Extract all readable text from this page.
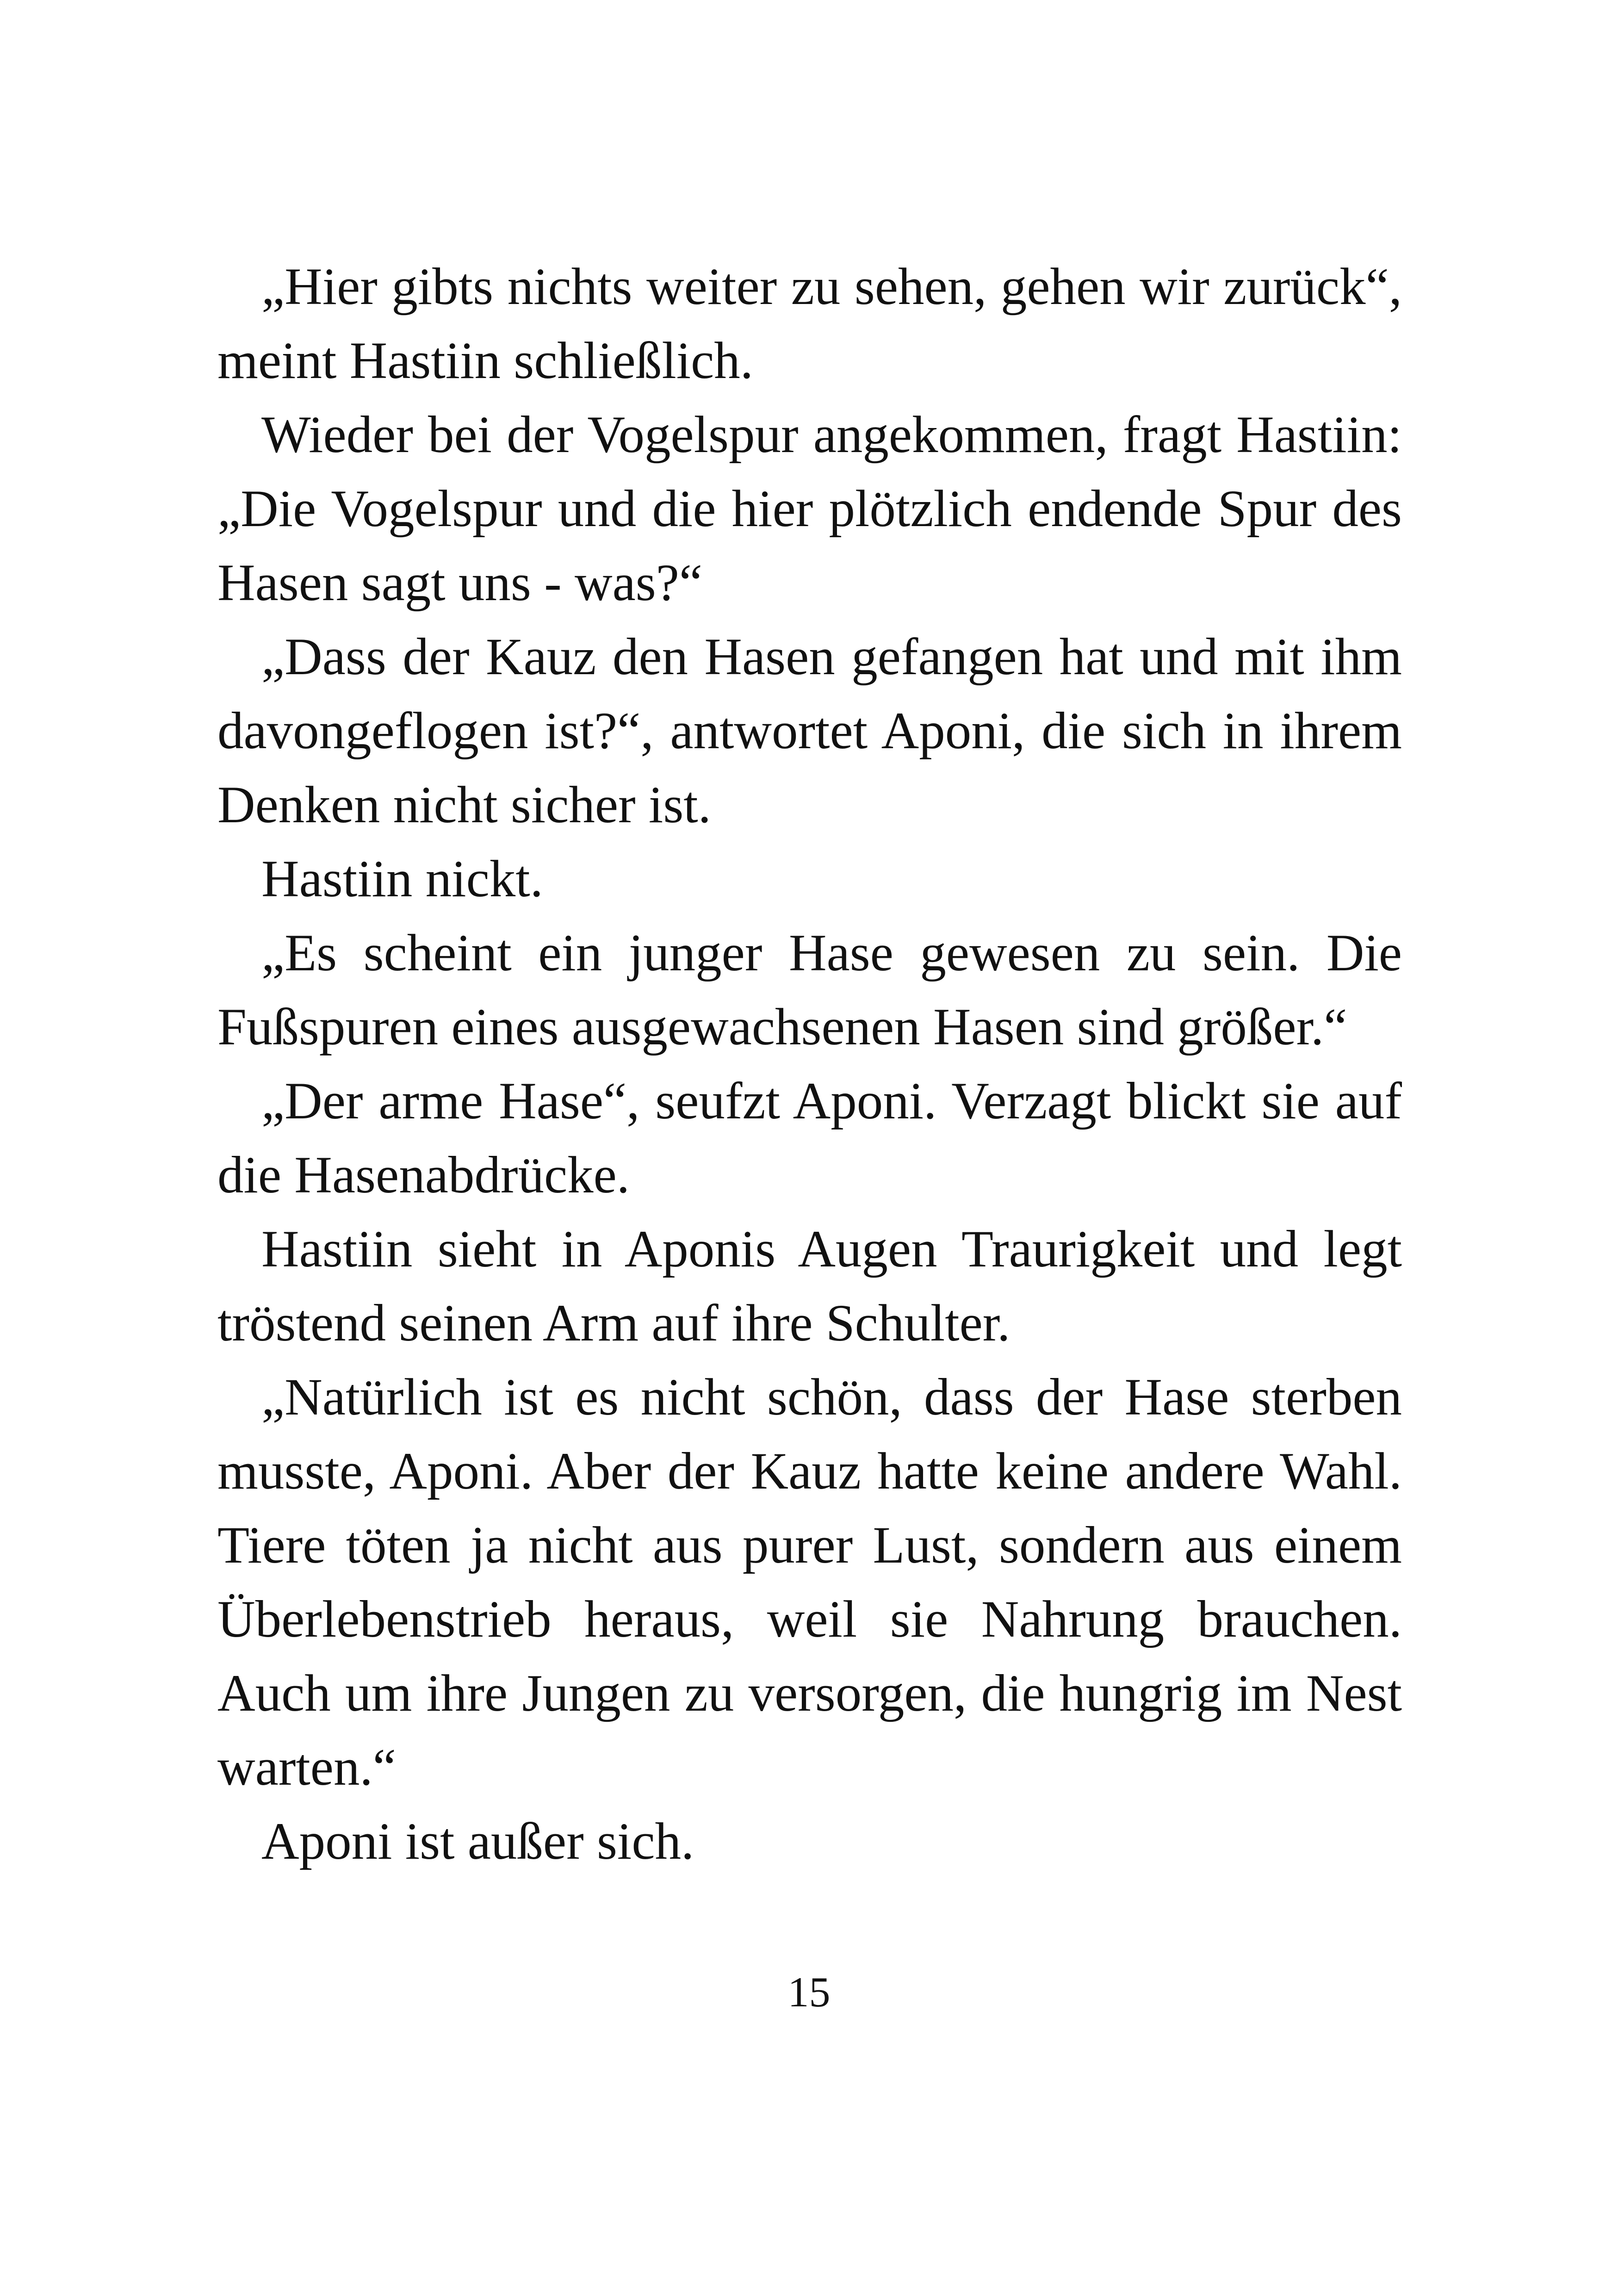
„Hier gibts nichts weiter zu sehen, gehen wir zurück“, meint Hastiin schließlich.

Wieder bei der Vogelspur angekommen, fragt Hastiin: „Die Vogelspur und die hier plötzlich endende Spur des Hasen sagt uns - was?“

„Dass der Kauz den Hasen gefangen hat und mit ihm davongeflogen ist?“, antwortet Aponi, die sich in ihrem Denken nicht sicher ist.

Hastiin nickt.

„Es scheint ein junger Hase gewesen zu sein. Die Fußspuren eines ausgewachsenen Hasen sind größer.“

„Der arme Hase“, seufzt Aponi. Verzagt blickt sie auf die Hasenabdrücke.

Hastiin sieht in Aponis Augen Traurigkeit und legt tröstend seinen Arm auf ihre Schulter.

„Natürlich ist es nicht schön, dass der Hase sterben musste, Aponi. Aber der Kauz hatte keine andere Wahl. Tiere töten ja nicht aus purer Lust, sondern aus einem Überlebenstrieb heraus, weil sie Nahrung brauchen. Auch um ihre Jungen zu versorgen, die hungrig im Nest warten.“

Aponi ist außer sich.

15
